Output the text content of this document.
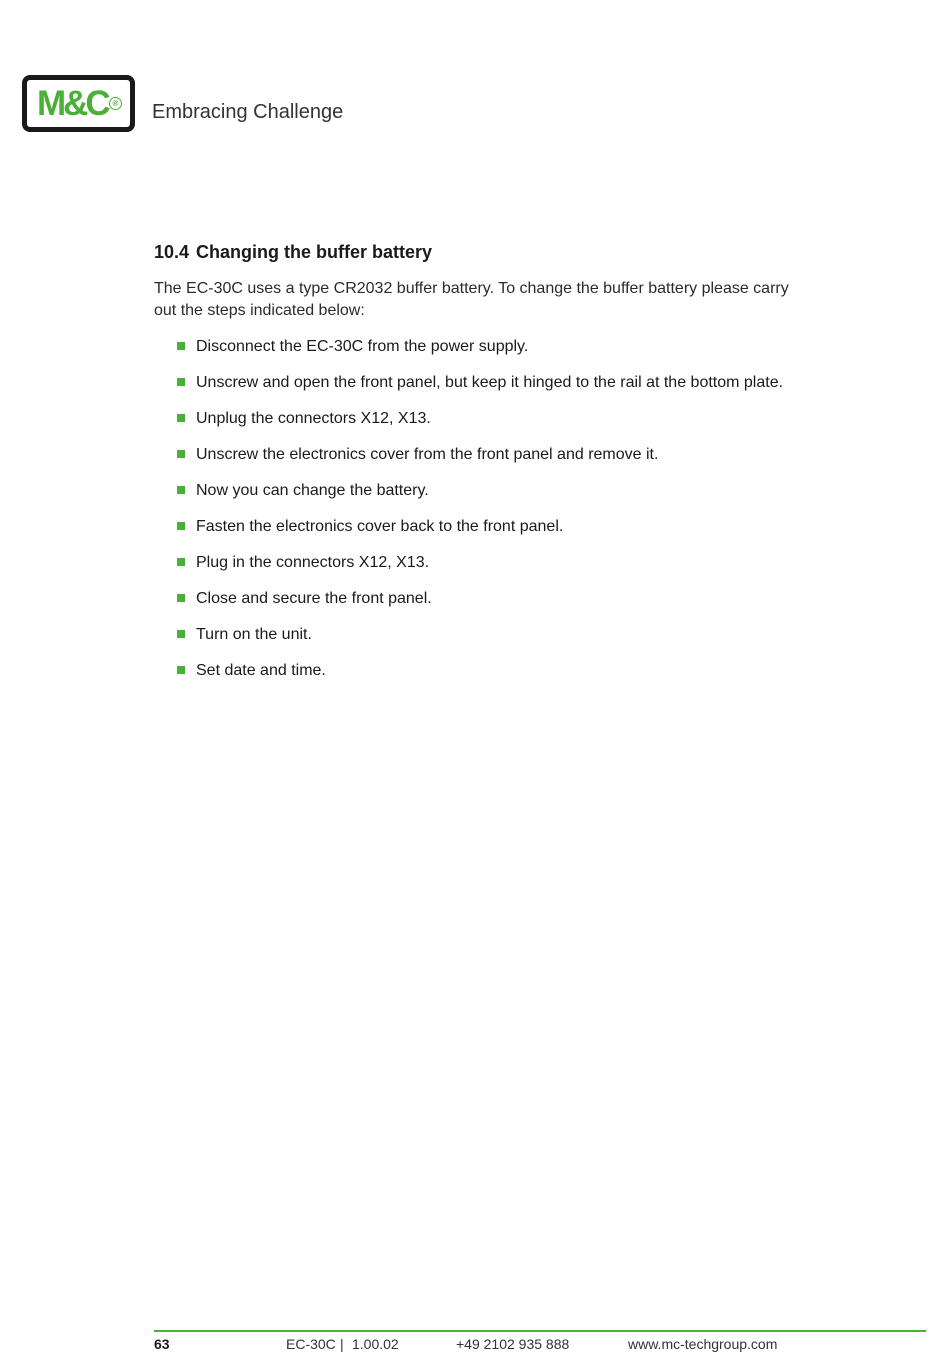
M&C ® Embracing Challenge
10.4 Changing the buffer battery

The EC-30C uses a type CR2032 buffer battery. To change the buffer battery please carry out the steps indicated below:

Disconnect the EC-30C from the power supply.
Unscrew and open the front panel, but keep it hinged to the rail at the bottom plate.
Unplug the connectors X12, X13.
Unscrew the electronics cover from the front panel and remove it.
Now you can change the battery.
Fasten the electronics cover back to the front panel.
Plug in the connectors X12, X13.
Close and secure the front panel.
Turn on the unit.
Set date and time.
63	EC-30C | 1.00.02	+49 2102 935 888	www.mc-techgroup.com
